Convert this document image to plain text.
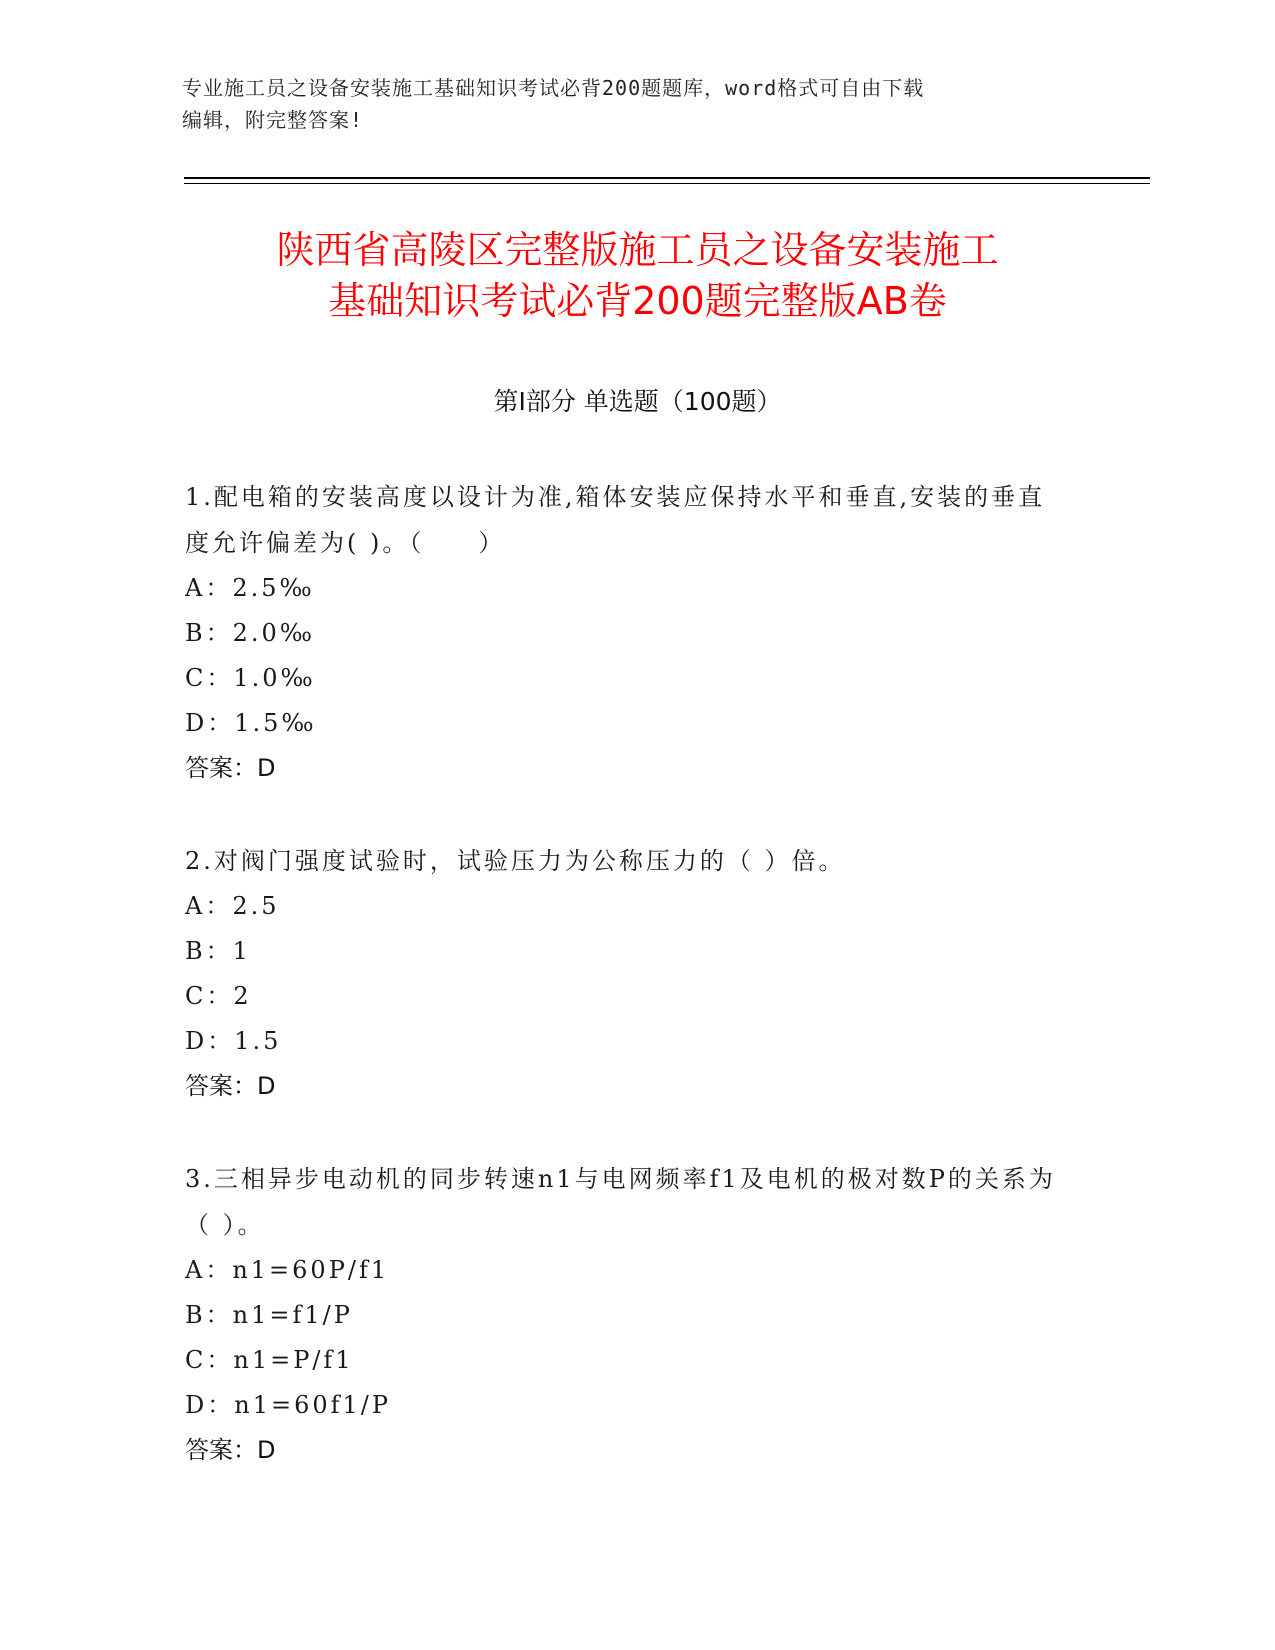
专业施工员之设备安装施工基础知识考试必背200题题库，word格式可自由下载
编辑，附完整答案!
陕西省高陵区完整版施工员之设备安装施工
基础知识考试必背200题完整版AB卷
第I部分 单选题（100题）
1.配电箱的安装高度以设计为准,箱体安装应保持水平和垂直,安装的垂直度允许偏差为( )。（　　）
A：2.5‰
B：2.0‰
C：1.0‰
D：1.5‰
答案：D
2.对阀门强度试验时，试验压力为公称压力的（ ）倍。
A：2.5
B：1
C：2
D：1.5
答案：D
3.三相异步电动机的同步转速n1与电网频率f1及电机的极对数P的关系为（ ）。
A：n1=60P/f1
B：n1=f1/P
C：n1=P/f1
D：n1=60f1/P
答案：D
